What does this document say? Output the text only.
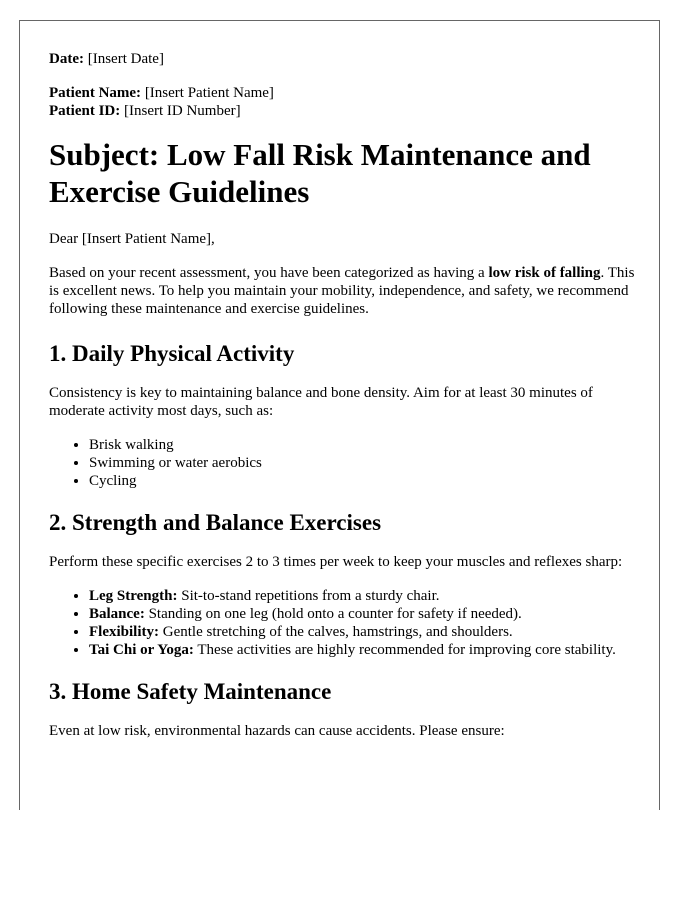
Date: [Insert Date]

Patient Name: [Insert Patient Name]

Patient ID: [Insert ID Number]

Subject: Low Fall Risk Maintenance and Exercise Guidelines

Dear [Insert Patient Name],

Based on your recent assessment, you have been categorized as having a low risk of falling. This is excellent news. To help you maintain your mobility, independence, and safety, we recommend following these maintenance and exercise guidelines.

1. Daily Physical Activity

Consistency is key to maintaining balance and bone density. Aim for at least 30 minutes of moderate activity most days, such as:

• Brisk walking
• Swimming or water aerobics
• Cycling
2. Strength and Balance Exercises

Perform these specific exercises 2 to 3 times per week to keep your muscles and reflexes sharp:

• Leg Strength: Sit-to-stand repetitions from a sturdy chair.
• Balance: Standing on one leg (hold onto a counter for safety if needed).
• Flexibility: Gentle stretching of the calves, hamstrings, and shoulders.
• Tai Chi or Yoga: These activities are highly recommended for improving core stability.
3. Home Safety Maintenance

Even at low risk, environmental hazards can cause accidents. Please ensure:
